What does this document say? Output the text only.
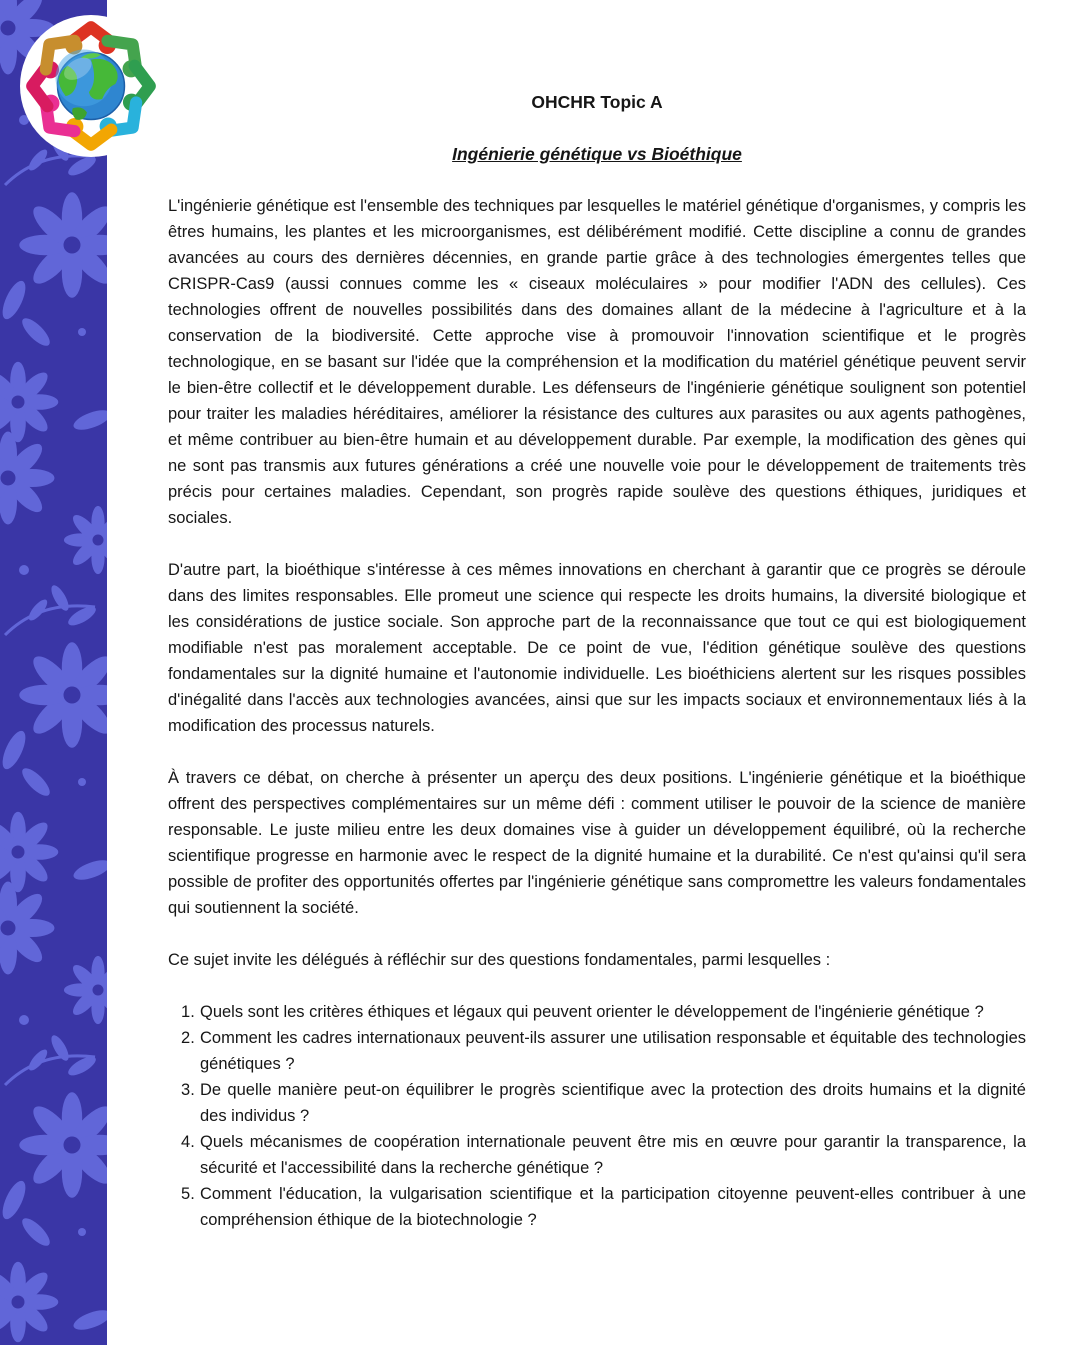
OHCHR Topic A
Ingénierie génétique vs Bioéthique

L'ingénierie génétique est l'ensemble des techniques par lesquelles le matériel génétique d'organismes, y compris les êtres humains, les plantes et les microorganismes, est délibérément modifié. Cette discipline a connu de grandes avancées au cours des dernières décennies, en grande partie grâce à des technologies émergentes telles que CRISPR-Cas9 (aussi connues comme les « ciseaux moléculaires » pour modifier l'ADN des cellules). Ces technologies offrent de nouvelles possibilités dans des domaines allant de la médecine à l'agriculture et à la conservation de la biodiversité. Cette approche vise à promouvoir l'innovation scientifique et le progrès technologique, en se basant sur l'idée que la compréhension et la modification du matériel génétique peuvent servir le bien-être collectif et le développement durable. Les défenseurs de l'ingénierie génétique soulignent son potentiel pour traiter les maladies héréditaires, améliorer la résistance des cultures aux parasites ou aux agents pathogènes, et même contribuer au bien-être humain et au développement durable. Par exemple, la modification des gènes qui ne sont pas transmis aux futures générations a créé une nouvelle voie pour le développement de traitements très précis pour certaines maladies. Cependant, son progrès rapide soulève des questions éthiques, juridiques et sociales.

D'autre part, la bioéthique s'intéresse à ces mêmes innovations en cherchant à garantir que ce progrès se déroule dans des limites responsables. Elle promeut une science qui respecte les droits humains, la diversité biologique et les considérations de justice sociale. Son approche part de la reconnaissance que tout ce qui est biologiquement modifiable n'est pas moralement acceptable. De ce point de vue, l'édition génétique soulève des questions fondamentales sur la dignité humaine et l'autonomie individuelle. Les bioéthiciens alertent sur les risques possibles d'inégalité dans l'accès aux technologies avancées, ainsi que sur les impacts sociaux et environnementaux liés à la modification des processus naturels.

À travers ce débat, on cherche à présenter un aperçu des deux positions. L'ingénierie génétique et la bioéthique offrent des perspectives complémentaires sur un même défi : comment utiliser le pouvoir de la science de manière responsable. Le juste milieu entre les deux domaines vise à guider un développement équilibré, où la recherche scientifique progresse en harmonie avec le respect de la dignité humaine et la durabilité. Ce n'est qu'ainsi qu'il sera possible de profiter des opportunités offertes par l'ingénierie génétique sans compromettre les valeurs fondamentales qui soutiennent la société.

Ce sujet invite les délégués à réfléchir sur des questions fondamentales, parmi lesquelles :

Quels sont les critères éthiques et légaux qui peuvent orienter le développement de l'ingénierie génétique ?
Comment les cadres internationaux peuvent-ils assurer une utilisation responsable et équitable des technologies génétiques ?
De quelle manière peut-on équilibrer le progrès scientifique avec la protection des droits humains et la dignité des individus ?
Quels mécanismes de coopération internationale peuvent être mis en œuvre pour garantir la transparence, la sécurité et l'accessibilité dans la recherche génétique ?
Comment l'éducation, la vulgarisation scientifique et la participation citoyenne peuvent-elles contribuer à une compréhension éthique de la biotechnologie ?
